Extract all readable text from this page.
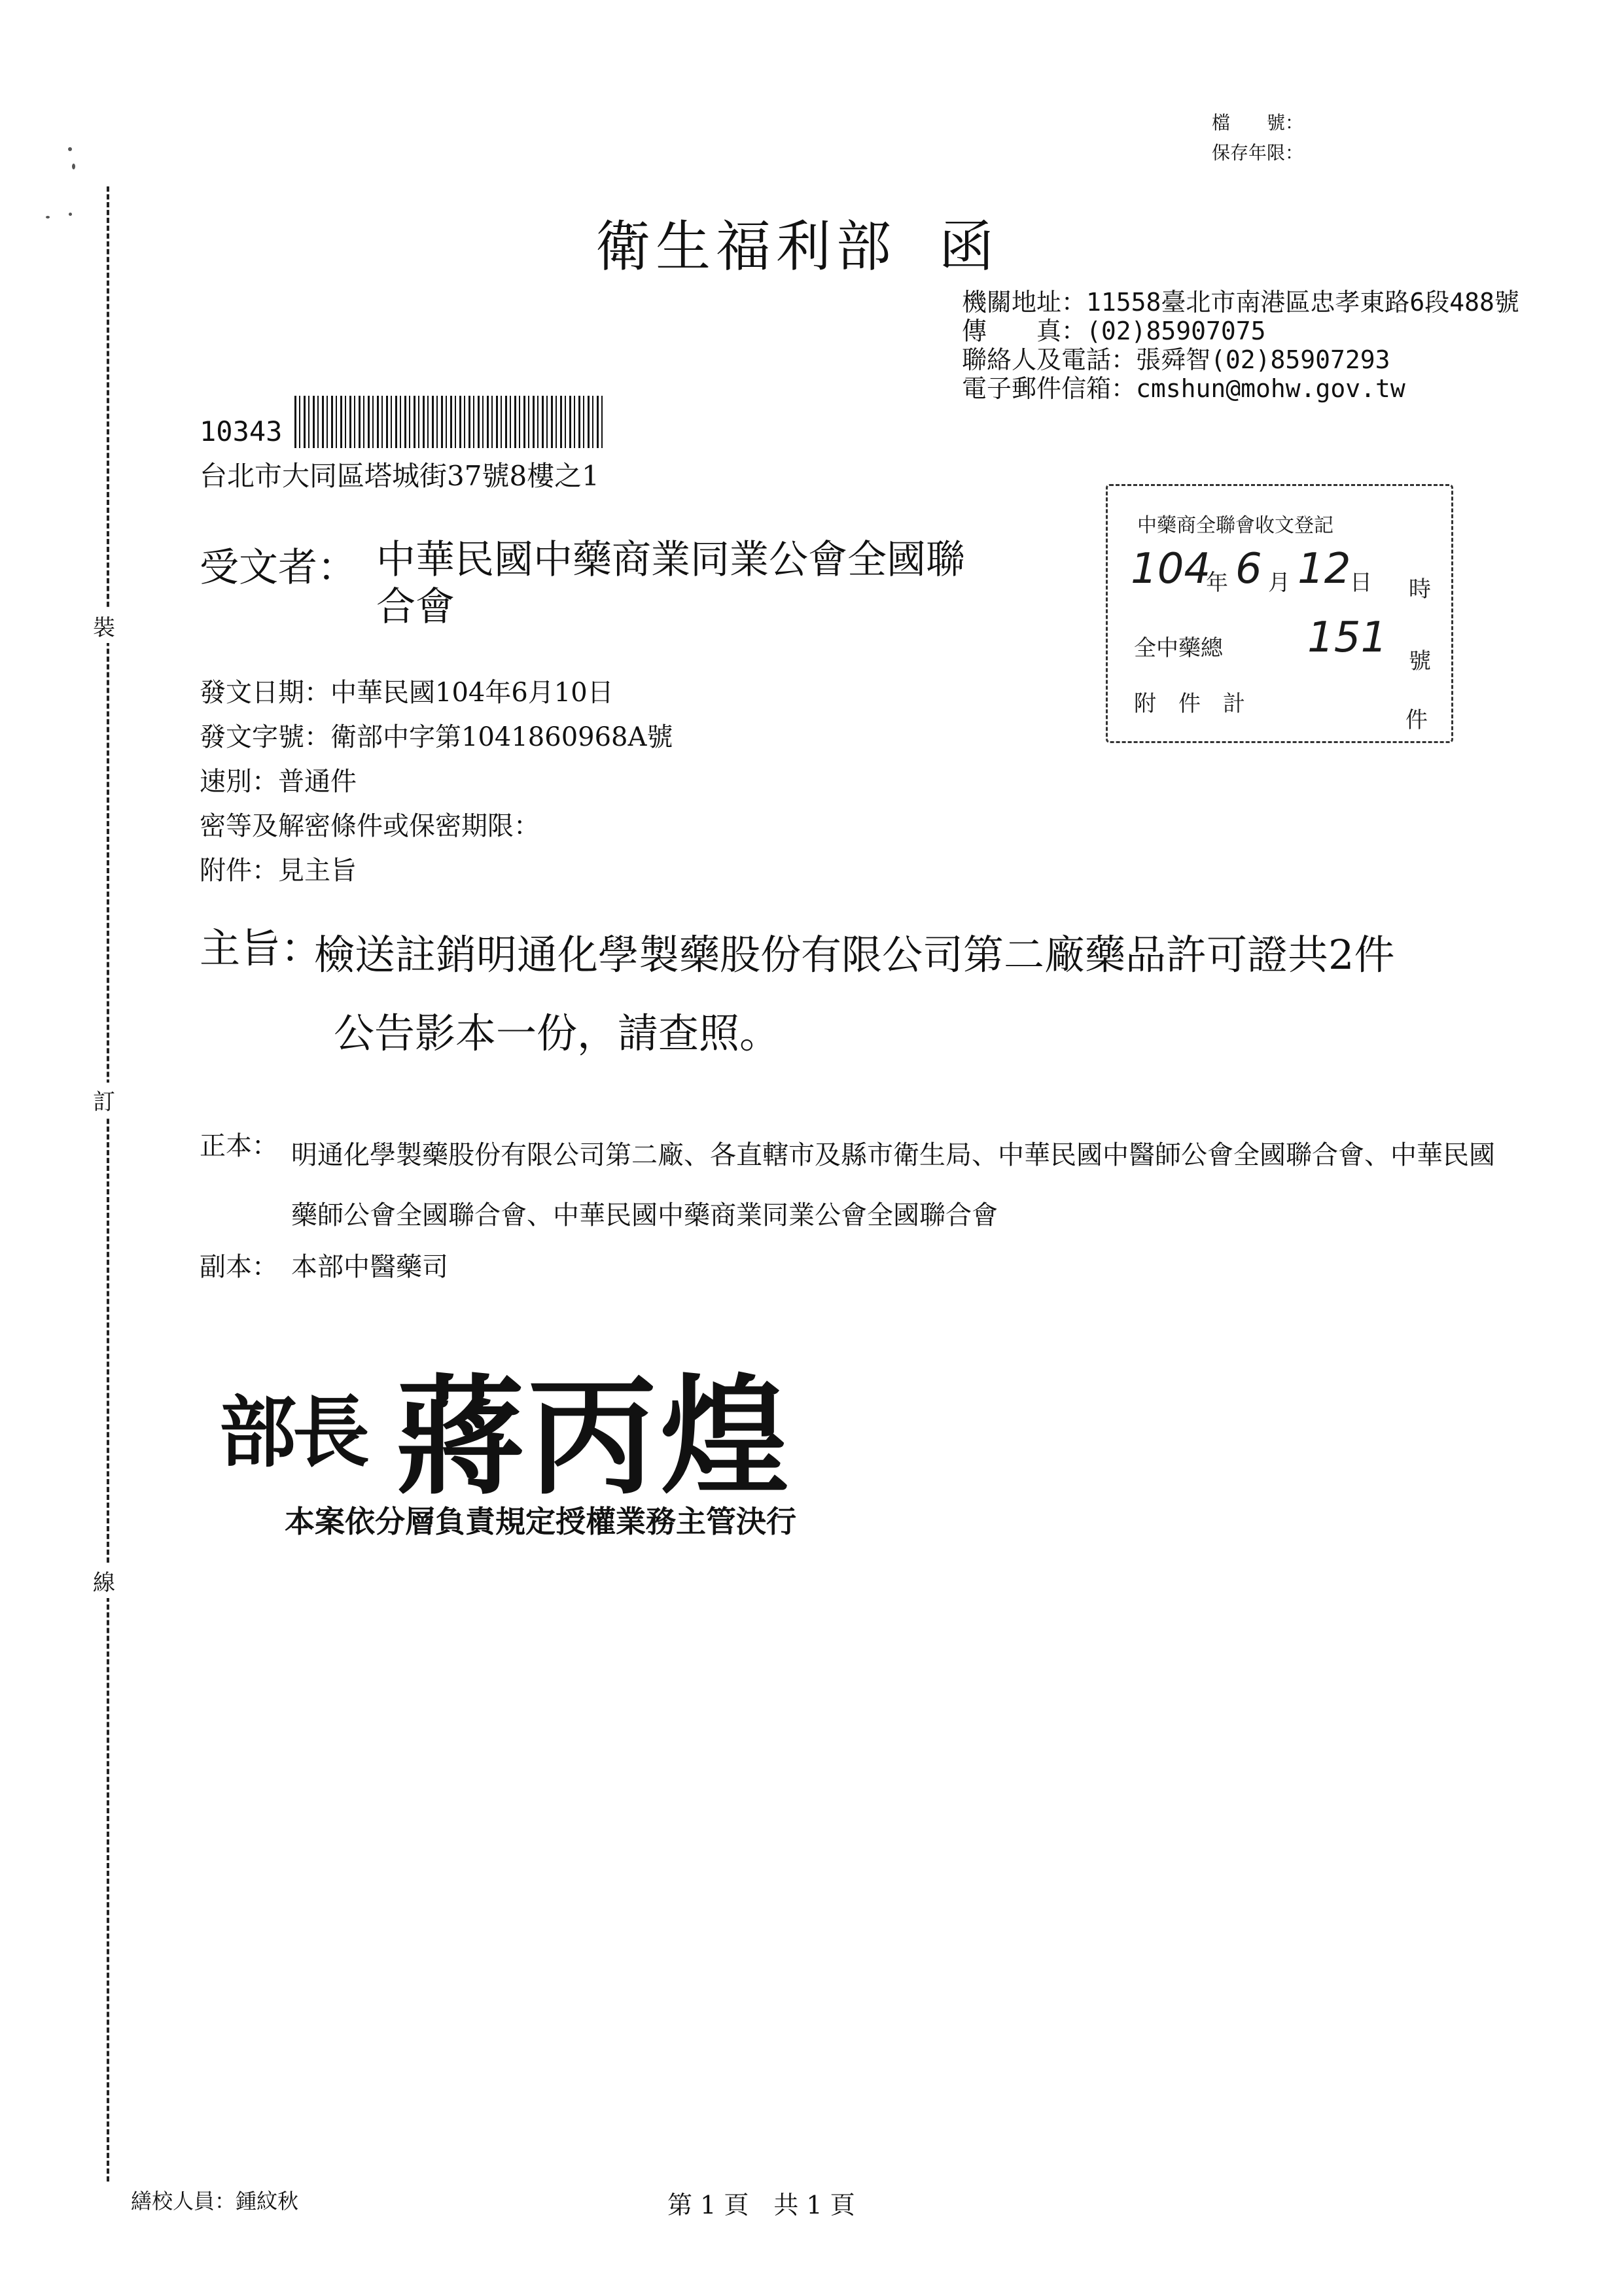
裝
訂
線
檔　　號：
保存年限：
衛生福利部 函
機關地址：11558臺北市南港區忠孝東路6段488號
傳　　真：(02)85907075
聯絡人及電話：張舜智(02)85907293
電子郵件信箱：cmshun@mohw.gov.tw
10343
台北市大同區塔城街37號8樓之1
受文者： 中華民國中藥商業同業公會全國聯合會
發文日期：中華民國104年6月10日
發文字號：衛部中字第1041860968A號
速別：普通件
密等及解密條件或保密期限：
附件：見主旨
中藥商全聯會收文登記
104
年 6 月 12
日 時
全中藥總 151 號
附　件　計
件
主旨：
檢送註銷明通化學製藥股份有限公司第二廠藥品許可證共2件
公告影本一份，請查照。
正本： 明通化學製藥股份有限公司第二廠、各直轄市及縣市衛生局、中華民國中醫師公會全國聯合會、中華民國藥師公會全國聯合會、中華民國中藥商業同業公會全國聯合會
副本： 本部中醫藥司
部長 蔣丙煌
本案依分層負責規定授權業務主管決行
繕校人員：鍾紋秋	第 1 頁　共 1 頁
